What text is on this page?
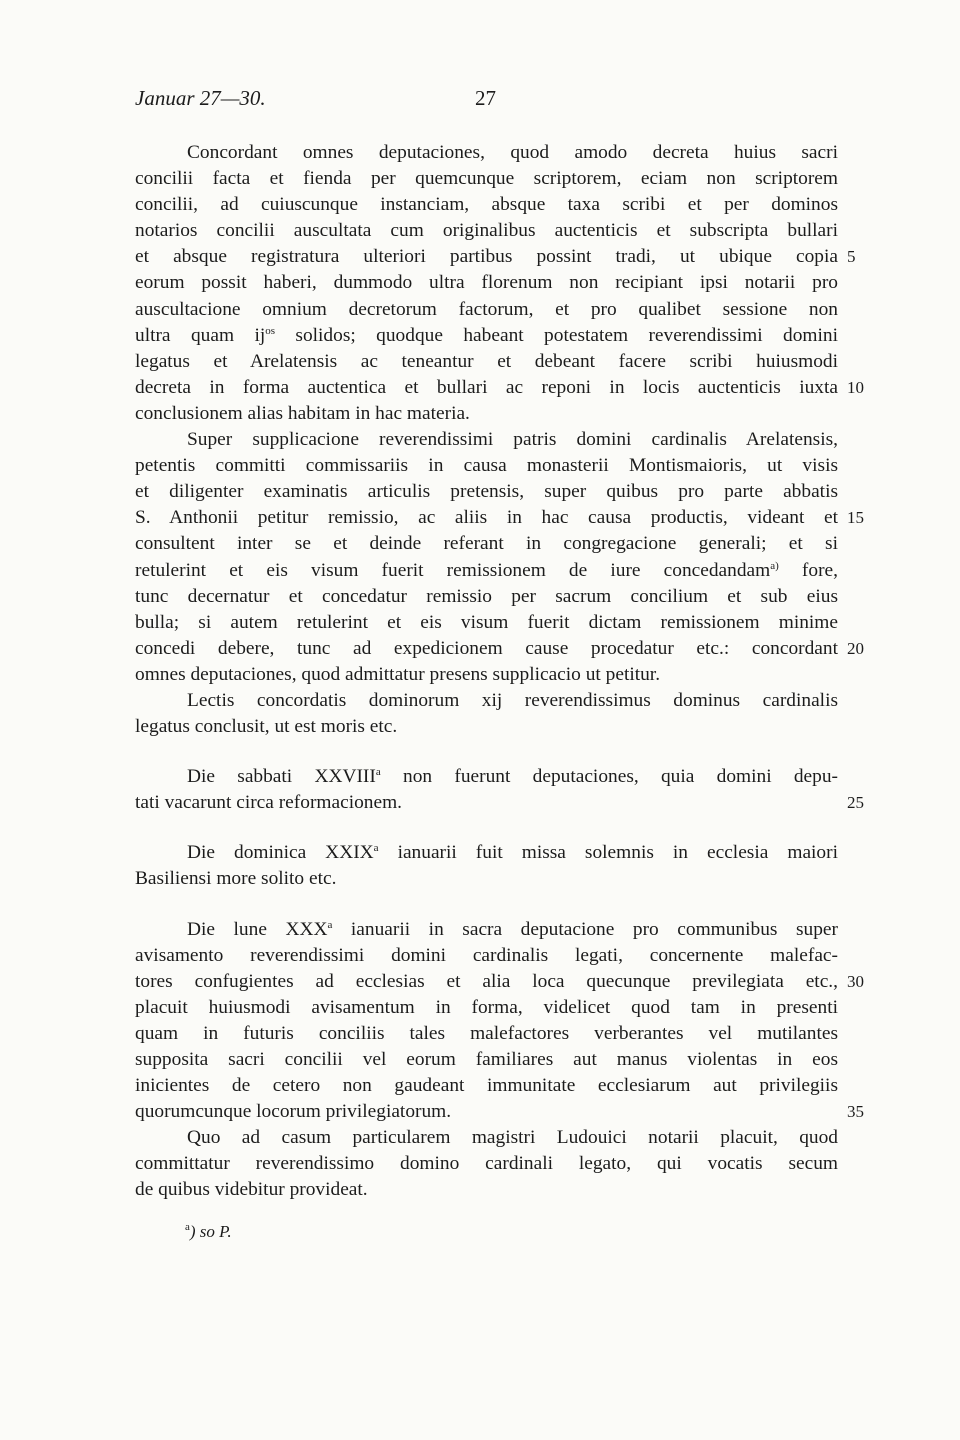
Januar 27—30.	27
Concordant omnes deputaciones, quod amodo decreta huius sacri
concilii facta et fienda per quemcunque scriptorem, eciam non scriptorem
concilii, ad cuiuscunque instanciam, absque taxa scribi et per dominos
notarios concilii auscultata cum originalibus auctenticis et subscripta bullari
et absque registratura ulteriori partibus possint tradi, ut ubique copia 5
eorum possit haberi, dummodo ultra florenum non recipiant ipsi notarii pro
auscultacione omnium decretorum factorum, et pro qualibet sessione non
ultra quam $ij^{os}$ solidos; quodque habeant potestatem reverendissimi domini
legatus et Arelatensis ac teneantur et debeant facere scribi huiusmodi
decreta in forma auctentica et bullari ac reponi in locis auctenticis iuxta 10
conclusionem alias habitam in hac materia.
Super supplicacione reverendissimi patris domini cardinalis Arelatensis,
petentis committi commissariis in causa monasterii Montismaioris, ut visis
et diligenter examinatis articulis pretensis, super quibus pro parte abbatis
S. Anthonii petitur remissio, ac aliis in hac causa productis, videant et 15
consultent inter se et deinde referant in congregacione generali; et si
retulerint et eis visum fuerit remissionem de iure concedandam$^{a)}$ fore,
tunc decernatur et concedatur remissio per sacrum concilium et sub eius
bulla; si autem retulerint et eis visum fuerit dictam remissionem minime
concedi debere, tunc ad expedicionem cause procedatur etc.: concordant 20
omnes deputaciones, quod admittatur presens supplicacio ut petitur.
Lectis concordatis dominorum xij reverendissimus dominus cardinalis
legatus conclusit, ut est moris etc.
Die sabbati XXVIII$^a$ non fuerunt deputaciones, quia domini depu-
tati vacarunt circa reformacionem.	25
Die dominica XXIX$^a$ ianuarii fuit missa solemnis in ecclesia maiori
Basiliensi more solito etc.
Die lune XXX$^a$ ianuarii in sacra deputacione pro communibus super
avisamento reverendissimi domini cardinalis legati, concernente malefac-
tores confugientes ad ecclesias et alia loca quecunque previlegiata etc., 30
placuit huiusmodi avisamentum in forma, videlicet quod tam in presenti
quam in futuris conciliis tales malefactores verberantes vel mutilantes
supposita sacri concilii vel eorum familiares aut manus violentas in eos
inicientes de cetero non gaudeant immunitate ecclesiarum aut privilegiis
quorumcunque locorum privilegiatorum.	35
Quo ad casum particularem magistri Ludouici notarii placuit, quod
committatur reverendissimo domino cardinali legato, qui vocatis secum
de quibus videbitur provideat.
$^a$) so P.
